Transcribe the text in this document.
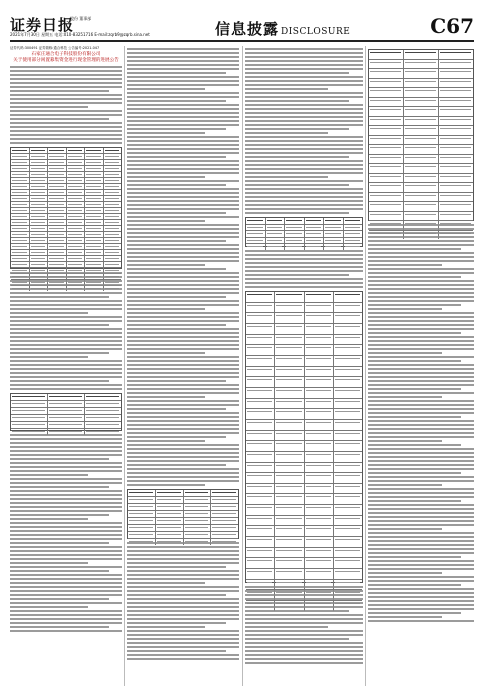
证券日报
股份 董事部
2021年7月30日 星期五 电话:010-83251716 E-mail:zqrb9@zqrb.sina.net	信息披露 DISCLOSURE	C67
证券代码:300491 证券简称:通合科技 公告编号:2021-047
石家庄通合电子科技股份有限公司
关于使用部分闲置募集资金进行现金管理的进展公告
